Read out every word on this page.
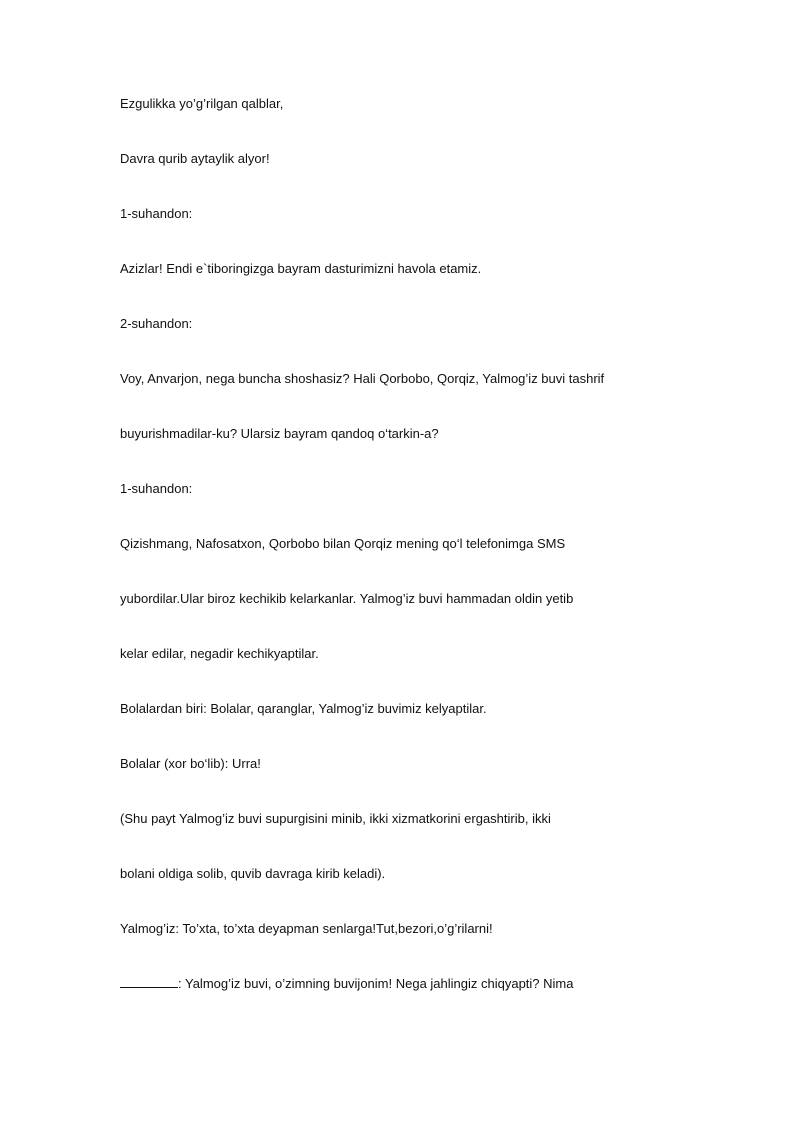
Ezgulikka yo’g’rilgan qalblar,
Davra qurib aytaylik alyor!
1-suhandon:
Azizlar! Endi e`tiboringizga bayram dasturimizni havola etamiz.
2-suhandon:
Voy, Anvarjon, nega buncha shoshasiz? Hali Qorbobo, Qorqiz, Yalmog’iz buvi tashrif
buyurishmadilar-ku? Ularsiz bayram qandoq o‘tarkin-a?
1-suhandon:
Qizishmang, Nafosatxon, Qorbobo bilan Qorqiz mening qo‘l telefonimga SMS
yubordilar.Ular biroz kechikib kelarkanlar. Yalmog’iz buvi hammadan oldin yetib
kelar edilar, negadir kechikyaptilar.
Bolalardan biri: Bolalar, qaranglar, Yalmog’iz buvimiz kelyaptilar.
Bolalar (xor bo‘lib): Urra!
(Shu payt Yalmog’iz buvi supurgisini minib, ikki xizmatkorini ergashtirib, ikki
bolani oldiga solib, quvib davraga kirib keladi).
Yalmog’iz: To’xta, to’xta deyapman senlarga!Tut,bezori,o’g’rilarni!
: Yalmog’iz buvi, o’zimning buvijonim! Nega jahlingiz chiqyapti? Nima
